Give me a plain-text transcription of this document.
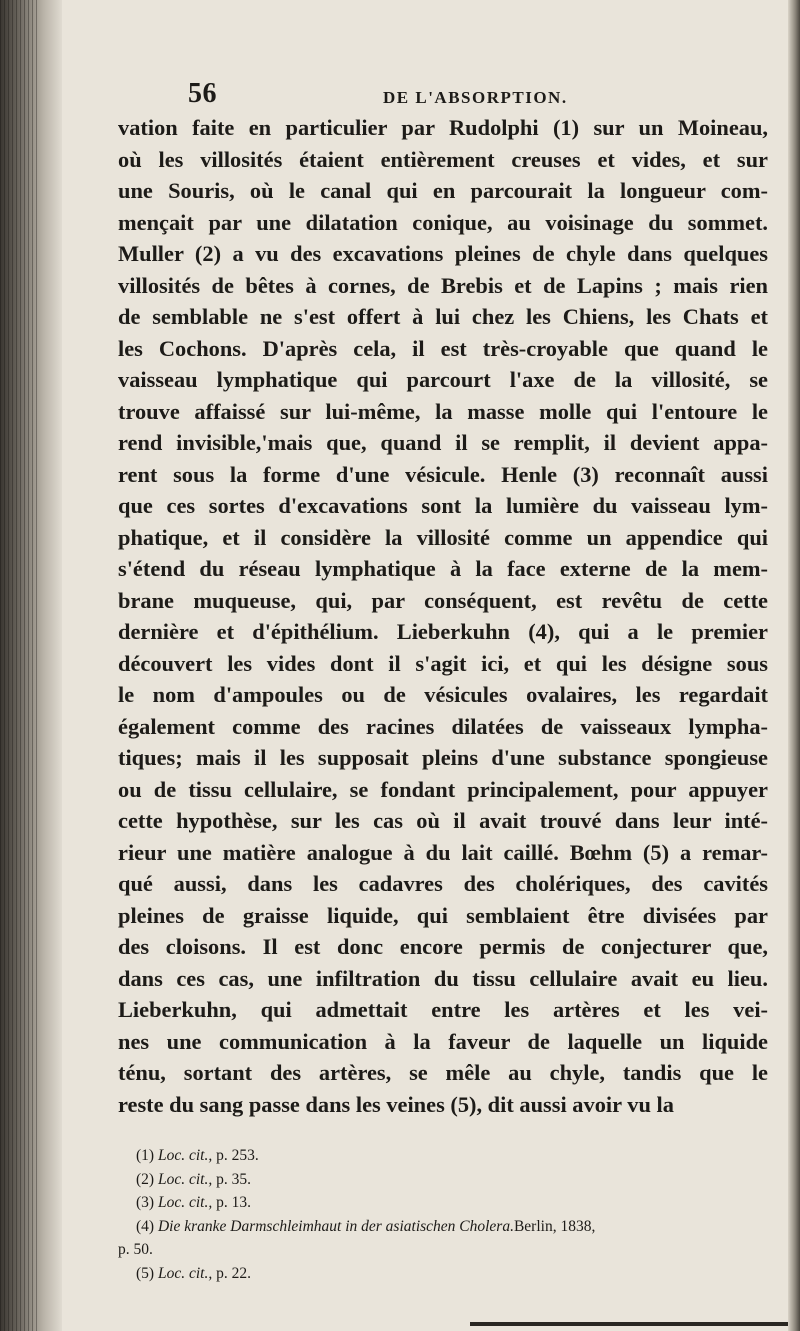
56	DE L'ABSORPTION.

vation faite en particulier par Rudolphi (1) sur un Moineau,
où les villosités étaient entièrement creuses et vides, et sur
une Souris, où le canal qui en parcourait la longueur com-
mençait par une dilatation conique, au voisinage du sommet.
Muller (2) a vu des excavations pleines de chyle dans quelques
villosités de bêtes à cornes, de Brebis et de Lapins ; mais rien
de semblable ne s'est offert à lui chez les Chiens, les Chats et
les Cochons. D'après cela, il est très-croyable que quand le
vaisseau lymphatique qui parcourt l'axe de la villosité, se
trouve affaissé sur lui-même, la masse molle qui l'entoure le
rend invisible,'mais que, quand il se remplit, il devient appa-
rent sous la forme d'une vésicule. Henle (3) reconnaît aussi
que ces sortes d'excavations sont la lumière du vaisseau lym-
phatique, et il considère la villosité comme un appendice qui
s'étend du réseau lymphatique à la face externe de la mem-
brane muqueuse, qui, par conséquent, est revêtu de cette
dernière et d'épithélium. Lieberkuhn (4), qui a le premier
découvert les vides dont il s'agit ici, et qui les désigne sous
le nom d'ampoules ou de vésicules ovalaires, les regardait
également comme des racines dilatées de vaisseaux lympha-
tiques; mais il les supposait pleins d'une substance spongieuse
ou de tissu cellulaire, se fondant principalement, pour appuyer
cette hypothèse, sur les cas où il avait trouvé dans leur inté-
rieur une matière analogue à du lait caillé. Bœhm (5) a remar-
qué aussi, dans les cadavres des cholériques, des cavités
pleines de graisse liquide, qui semblaient être divisées par
des cloisons. Il est donc encore permis de conjecturer que,
dans ces cas, une infiltration du tissu cellulaire avait eu lieu.
Lieberkuhn, qui admettait entre les artères et les vei-
nes une communication à la faveur de laquelle un liquide
ténu, sortant des artères, se mêle au chyle, tandis que le
reste du sang passe dans les veines (5), dit aussi avoir vu la

(1) Loc. cit., p. 253.
(2) Loc. cit., p. 35.
(3) Loc. cit., p. 13.
(4) Die kranke Darmschleimhaut in der asiatischen Cholera.Berlin, 1838,
p. 50.
(5) Loc. cit., p. 22.
